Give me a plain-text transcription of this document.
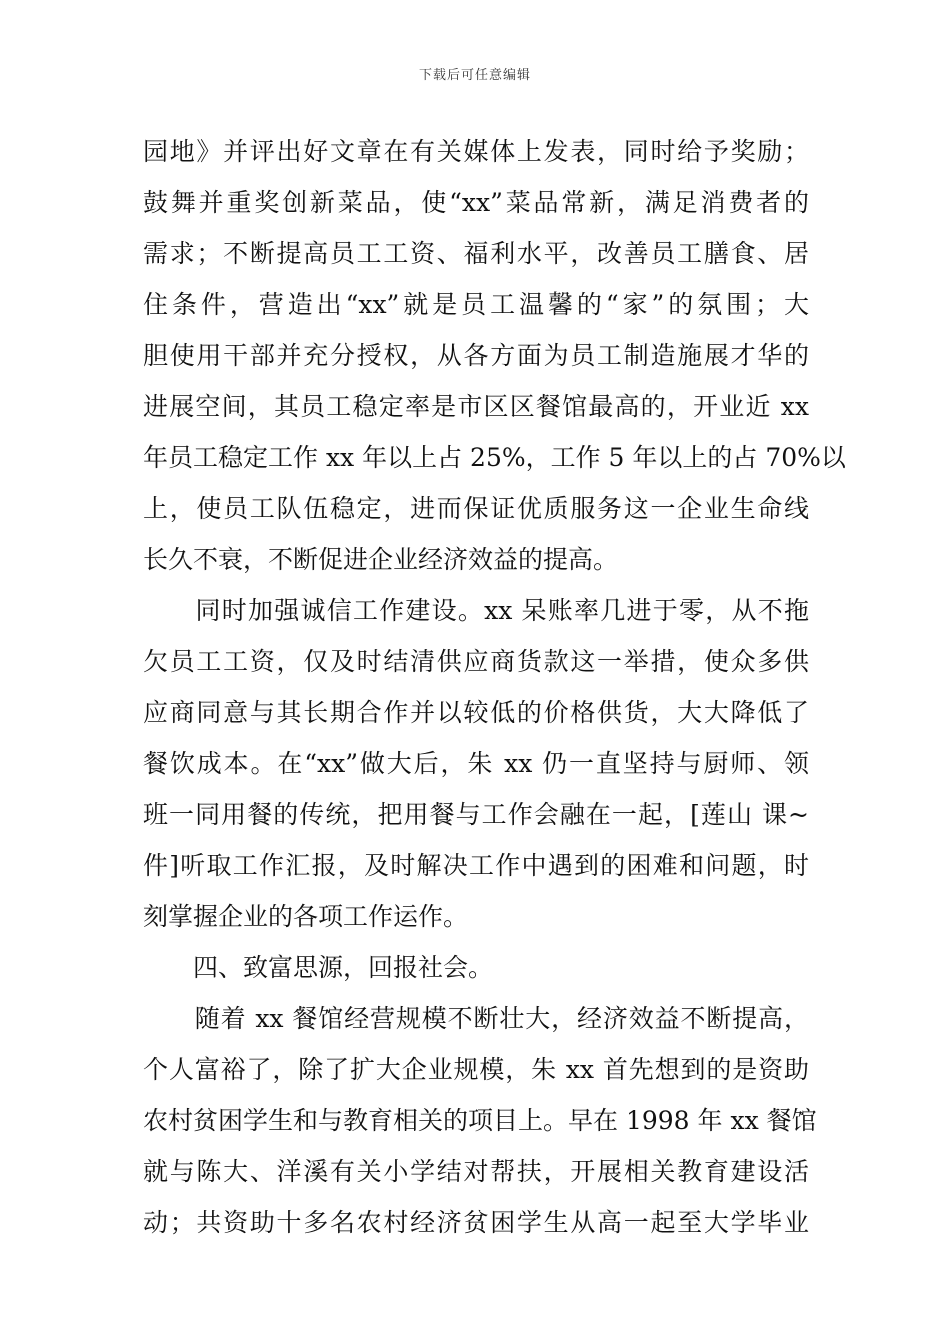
下载后可任意编辑
园地》并评出好文章在有关媒体上发表，同时给予奖励；
鼓舞并重奖创新菜品，使“xx”菜品常新，满足消费者的
需求；不断提高员工工资、福利水平，改善员工膳食、居
住条件，营造出“xx”就是员工温馨的“家”的氛围；大
胆使用干部并充分授权，从各方面为员工制造施展才华的
进展空间，其员工稳定率是市区区餐馆最高的，开业近 xx
年员工稳定工作 xx 年以上占 25%，工作 5 年以上的占 70%以
上，使员工队伍稳定，进而保证优质服务这一企业生命线
长久不衰，不断促进企业经济效益的提高。
　　同时加强诚信工作建设。xx 呆账率几进于零，从不拖
欠员工工资，仅及时结清供应商货款这一举措，使众多供
应商同意与其长期合作并以较低的价格供货，大大降低了
餐饮成本。在“xx”做大后，朱 xx 仍一直坚持与厨师、领
班一同用餐的传统，把用餐与工作会融在一起，[莲山 课~
件]听取工作汇报，及时解决工作中遇到的困难和问题，时
刻掌握企业的各项工作运作。
　　四、致富思源，回报社会。
　　随着 xx 餐馆经营规模不断壮大，经济效益不断提高，
个人富裕了，除了扩大企业规模，朱 xx 首先想到的是资助
农村贫困学生和与教育相关的项目上。早在 1998 年 xx 餐馆
就与陈大、洋溪有关小学结对帮扶，开展相关教育建设活
动；共资助十多名农村经济贫困学生从高一起至大学毕业
